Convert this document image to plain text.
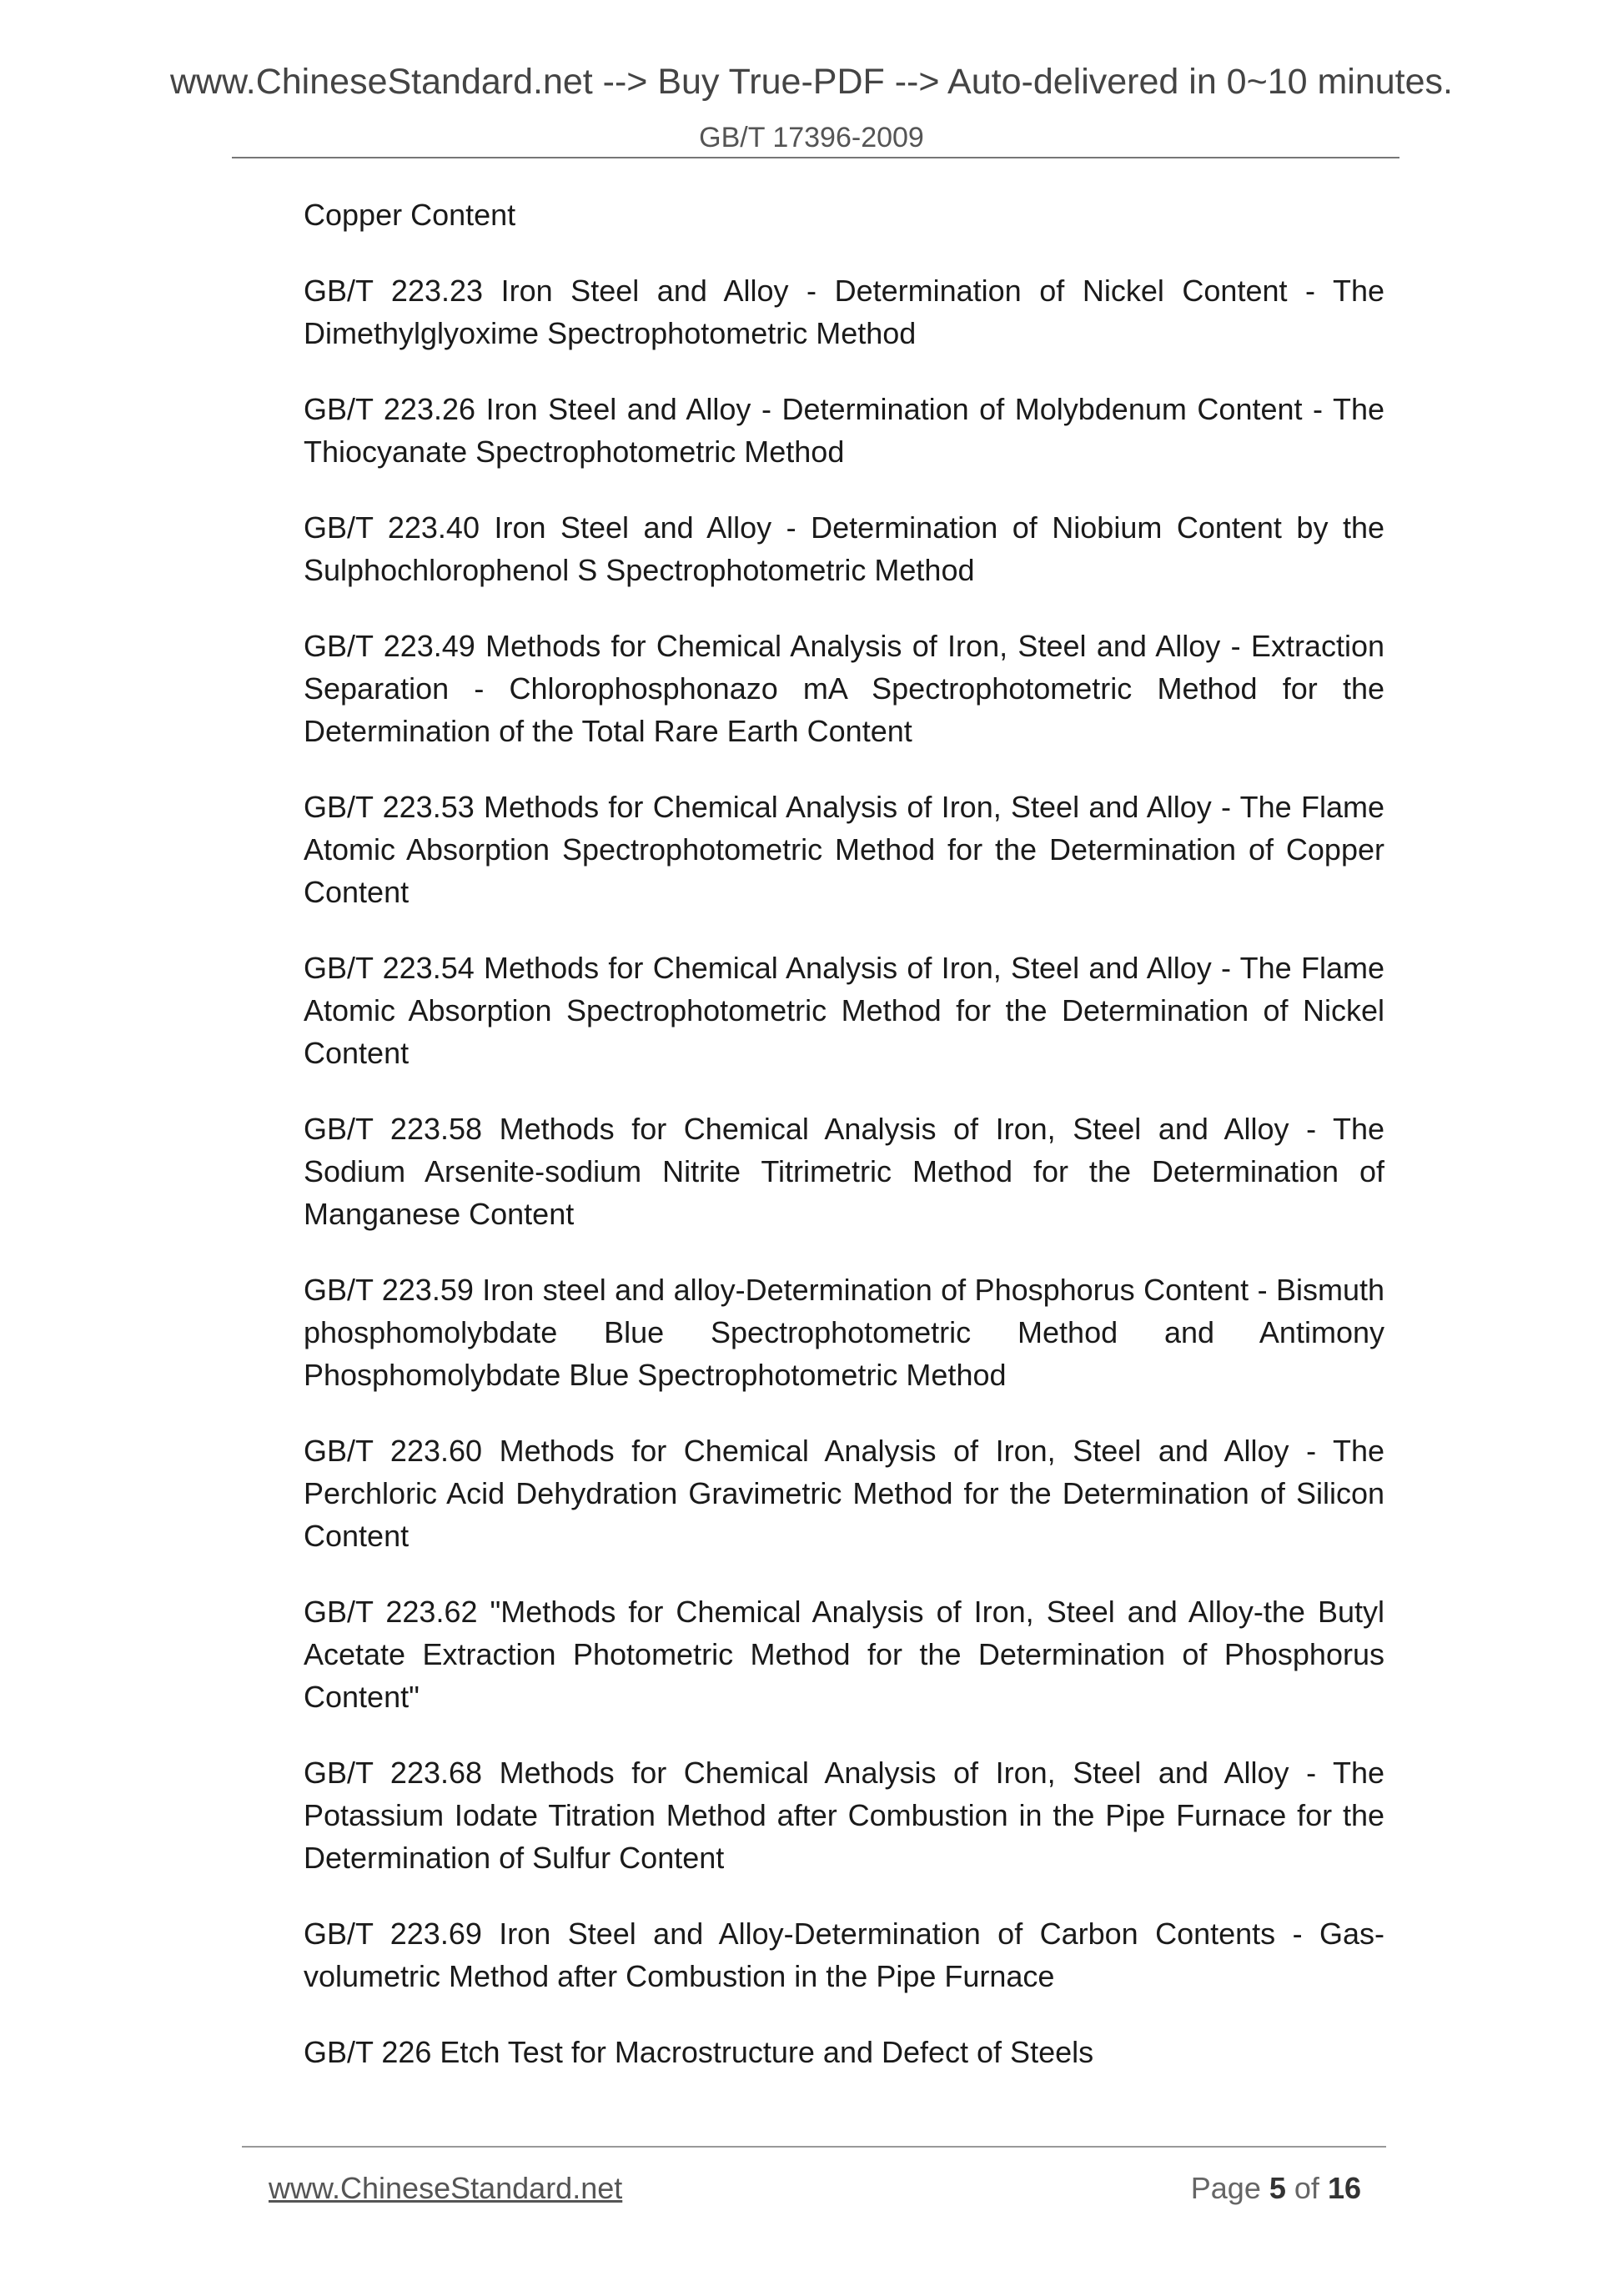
www.ChineseStandard.net --> Buy True-PDF --> Auto-delivered in 0~10 minutes.
GB/T 17396-2009

Copper Content

GB/T 223.23 Iron Steel and Alloy - Determination of Nickel Content - The Dimethylglyoxime Spectrophotometric Method

GB/T 223.26 Iron Steel and Alloy - Determination of Molybdenum Content - The Thiocyanate Spectrophotometric Method

GB/T 223.40 Iron Steel and Alloy - Determination of Niobium Content by the Sulphochlorophenol S Spectrophotometric Method

GB/T 223.49 Methods for Chemical Analysis of Iron, Steel and Alloy - Extraction Separation - Chlorophosphonazo mA Spectrophotometric Method for the Determination of the Total Rare Earth Content

GB/T 223.53 Methods for Chemical Analysis of Iron, Steel and Alloy - The Flame Atomic Absorption Spectrophotometric Method for the Determination of Copper Content

GB/T 223.54 Methods for Chemical Analysis of Iron, Steel and Alloy - The Flame Atomic Absorption Spectrophotometric Method for the Determination of Nickel Content

GB/T 223.58 Methods for Chemical Analysis of Iron, Steel and Alloy - The Sodium Arsenite-sodium Nitrite Titrimetric Method for the Determination of Manganese Content

GB/T 223.59 Iron steel and alloy-Determination of Phosphorus Content - Bismuth phosphomolybdate Blue Spectrophotometric Method and Antimony Phosphomolybdate Blue Spectrophotometric Method

GB/T 223.60 Methods for Chemical Analysis of Iron, Steel and Alloy - The Perchloric Acid Dehydration Gravimetric Method for the Determination of Silicon Content

GB/T 223.62 "Methods for Chemical Analysis of Iron, Steel and Alloy-the Butyl Acetate Extraction Photometric Method for the Determination of Phosphorus Content"

GB/T 223.68 Methods for Chemical Analysis of Iron, Steel and Alloy - The Potassium Iodate Titration Method after Combustion in the Pipe Furnace for the Determination of Sulfur Content

GB/T 223.69 Iron Steel and Alloy-Determination of Carbon Contents - Gas-volumetric Method after Combustion in the Pipe Furnace

GB/T 226 Etch Test for Macrostructure and Defect of Steels

www.ChineseStandard.net	Page 5 of 16
